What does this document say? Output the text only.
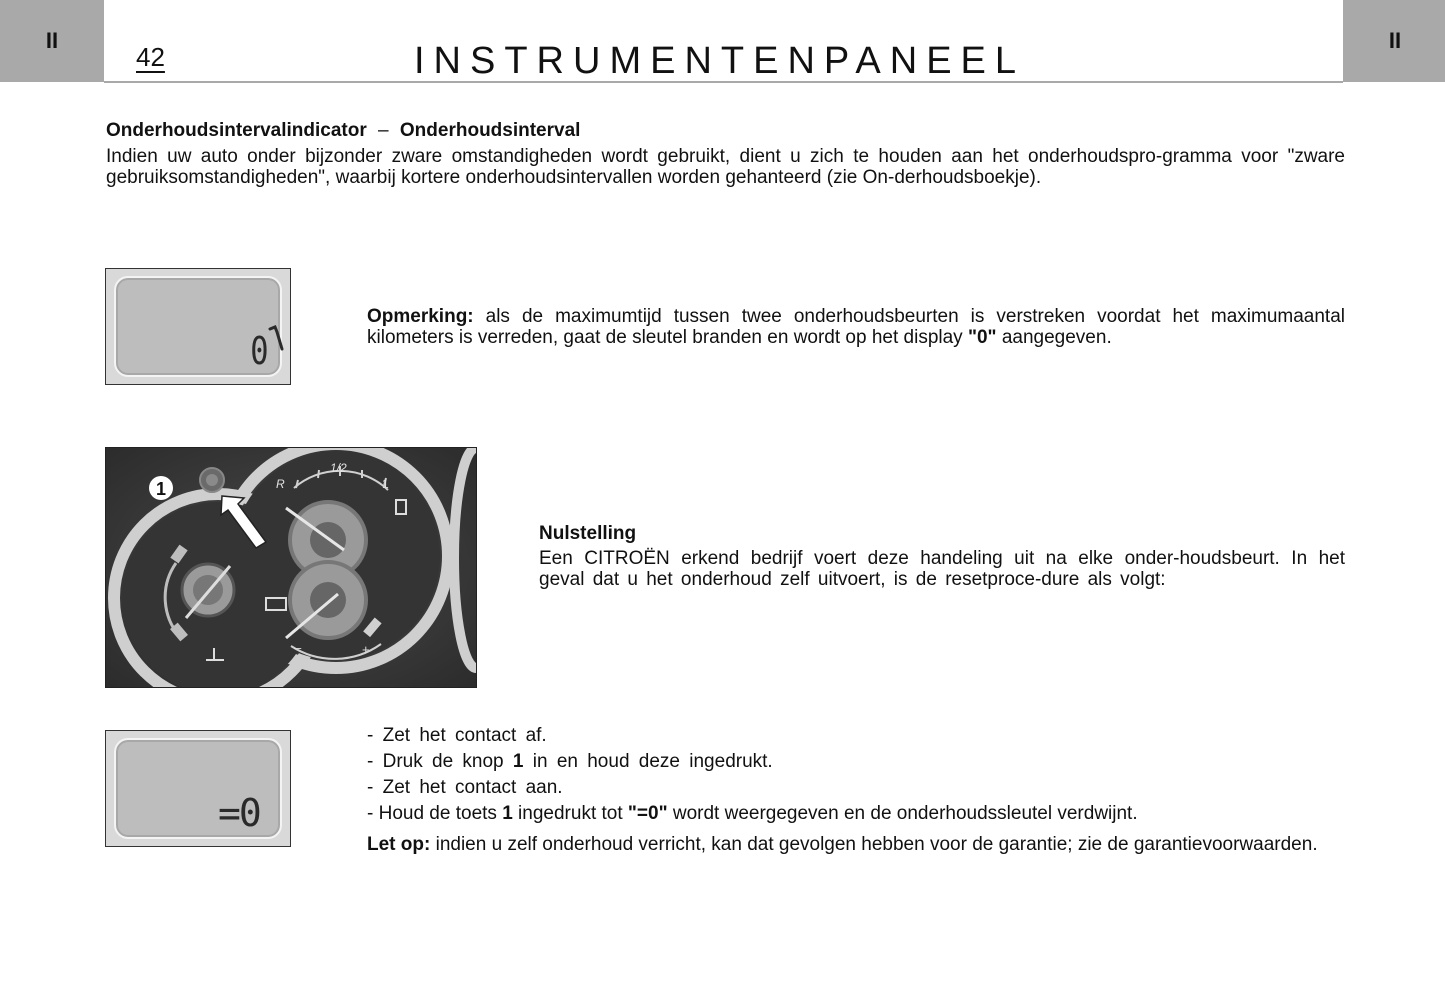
II	II
42	INSTRUMENTENPANEEL
Onderhoudsintervalindicator – Onderhoudsinterval
Indien uw auto onder bijzonder zware omstandigheden wordt gebruikt, dient u zich te houden aan het onderhoudspro-gramma voor "zware gebruiksomstandigheden", waarbij kortere onderhoudsintervallen worden gehanteerd (zie On-derhoudsboekje).
0
Opmerking: als de maximumtijd tussen twee onderhoudsbeurten is verstreken voordat het maximumaantal kilometers is verreden, gaat de sleutel branden en wordt op het display "0" aangegeven.
1
1/2
R	1
–	+
Nulstelling
Een CITROËN erkend bedrijf voert deze handeling uit na elke onder-houdsbeurt. In het geval dat u het onderhoud zelf uitvoert, is de resetproce-dure als volgt:
=0
- Zet het contact af.
- Druk de knop 1 in en houd deze ingedrukt.
- Zet het contact aan.
- Houd de toets 1 ingedrukt tot "=0" wordt weergegeven en de onderhoudssleutel verdwijnt.
Let op: indien u zelf onderhoud verricht, kan dat gevolgen hebben voor de garantie; zie de garantievoorwaarden.
